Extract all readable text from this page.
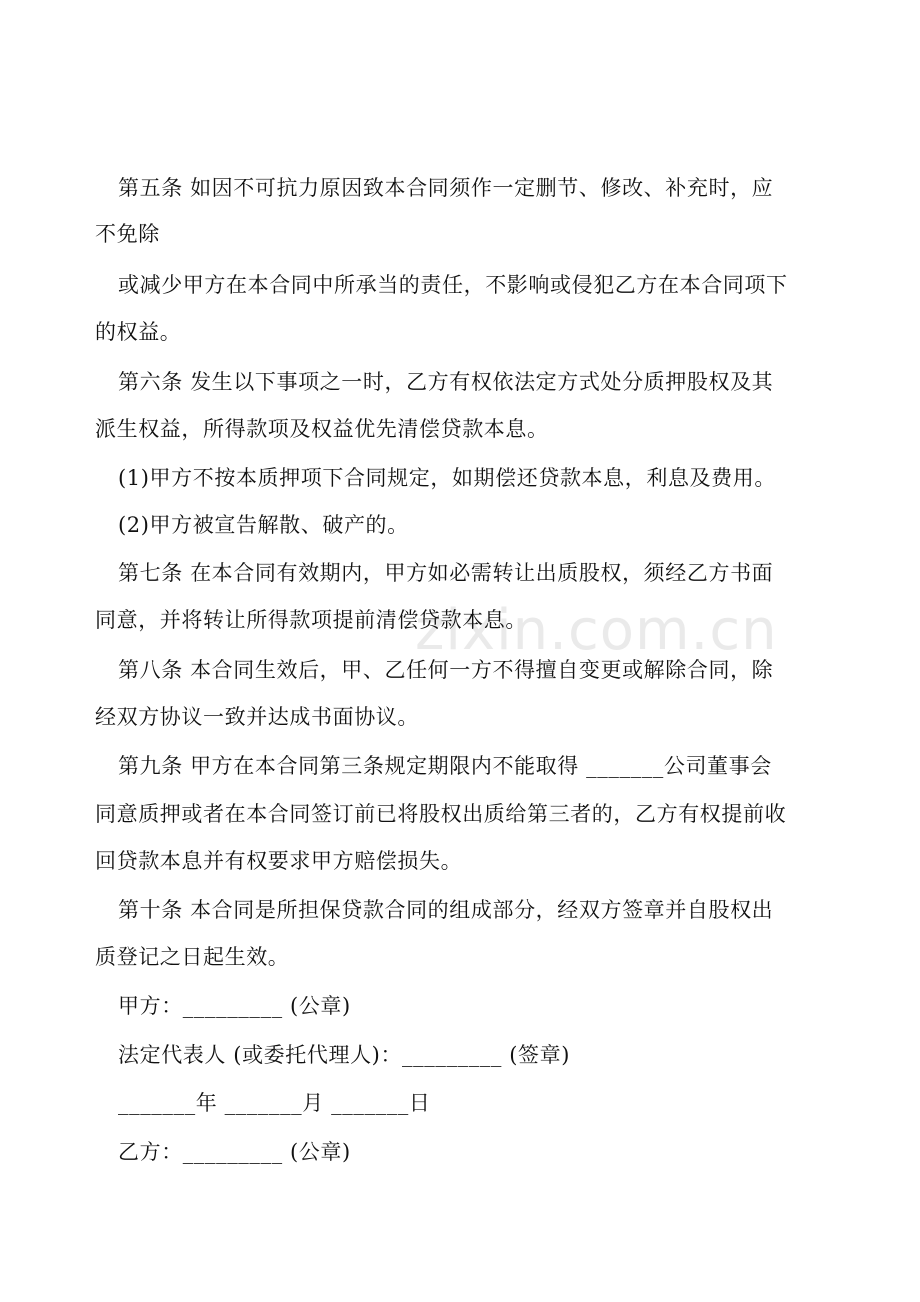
zixin.com.cn
第五条 如因不可抗力原因致本合同须作一定删节、修改、补充时，应
不免除
或减少甲方在本合同中所承当的责任，不影响或侵犯乙方在本合同项下
的权益。
第六条 发生以下事项之一时，乙方有权依法定方式处分质押股权及其
派生权益，所得款项及权益优先清偿贷款本息。
(1)甲方不按本质押项下合同规定，如期偿还贷款本息，利息及费用。
(2)甲方被宣告解散、破产的。
第七条 在本合同有效期内，甲方如必需转让出质股权，须经乙方书面
同意，并将转让所得款项提前清偿贷款本息。
第八条 本合同生效后，甲、乙任何一方不得擅自变更或解除合同，除
经双方协议一致并达成书面协议。
第九条 甲方在本合同第三条规定期限内不能取得 _______公司董事会
同意质押或者在本合同签订前已将股权出质给第三者的，乙方有权提前收
回贷款本息并有权要求甲方赔偿损失。
第十条 本合同是所担保贷款合同的组成部分，经双方签章并自股权出
质登记之日起生效。
甲方：_________ (公章)
法定代表人 (或委托代理人)：_________ (签章)
_______年 _______月 _______日
乙方：_________ (公章)
